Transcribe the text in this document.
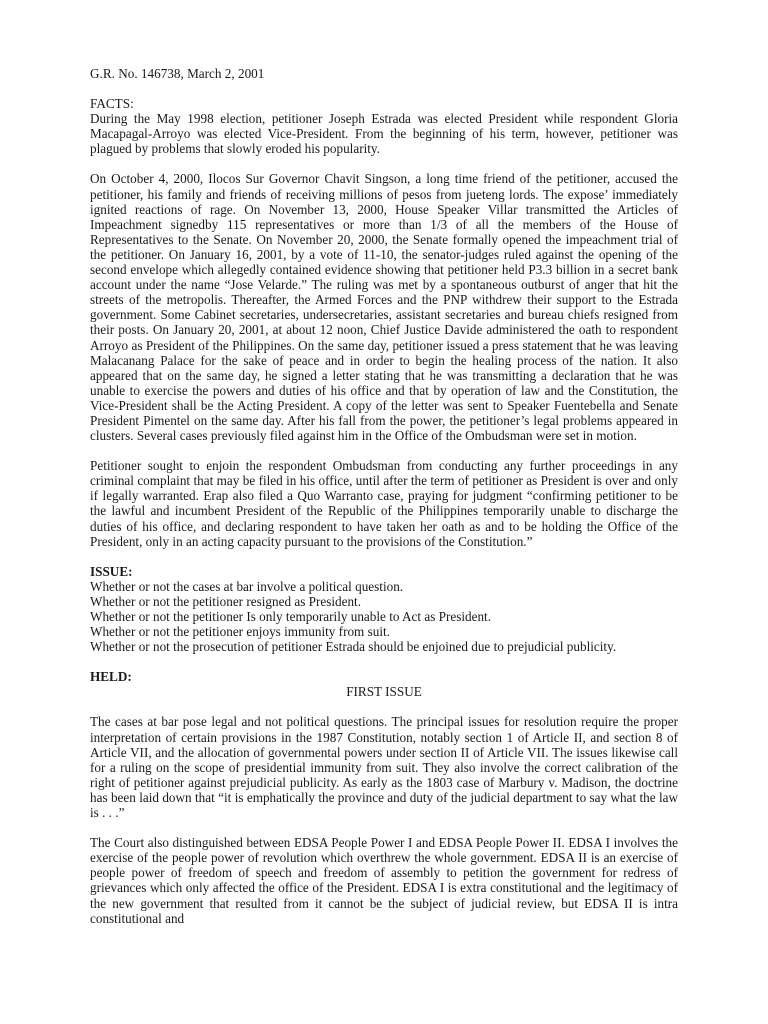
G.R. No. 146738, March 2, 2001

FACTS:

During the May 1998 election, petitioner Joseph Estrada was elected President while respondent Gloria Macapagal-Arroyo was elected Vice-President. From the beginning of his term, however, petitioner was plagued by problems that slowly eroded his popularity.

On October 4, 2000, Ilocos Sur Governor Chavit Singson, a long time friend of the petitioner, accused the petitioner, his family and friends of receiving millions of pesos from jueteng lords. The expose’ immediately ignited reactions of rage. On November 13, 2000, House Speaker Villar transmitted the Articles of Impeachment signedby 115 representatives or more than 1/3 of all the members of the House of Representatives to the Senate. On November 20, 2000, the Senate formally opened the impeachment trial of the petitioner. On January 16, 2001, by a vote of 11-10, the senator-judges ruled against the opening of the second envelope which allegedly contained evidence showing that petitioner held P3.3 billion in a secret bank account under the name “Jose Velarde.” The ruling was met by a spontaneous outburst of anger that hit the streets of the metropolis. Thereafter, the Armed Forces and the PNP withdrew their support to the Estrada government. Some Cabinet secretaries, undersecretaries, assistant secretaries and bureau chiefs resigned from their posts. On January 20, 2001, at about 12 noon, Chief Justice Davide administered the oath to respondent Arroyo as President of the Philippines. On the same day, petitioner issued a press statement that he was leaving Malacanang Palace for the sake of peace and in order to begin the healing process of the nation. It also appeared that on the same day, he signed a letter stating that he was transmitting a declaration that he was unable to exercise the powers and duties of his office and that by operation of law and the Constitution, the Vice-President shall be the Acting President. A copy of the letter was sent to Speaker Fuentebella and Senate President Pimentel on the same day. After his fall from the power, the petitioner’s legal problems appeared in clusters. Several cases previously filed against him in the Office of the Ombudsman were set in motion.

Petitioner sought to enjoin the respondent Ombudsman from conducting any further proceedings in any criminal complaint that may be filed in his office, until after the term of petitioner as President is over and only if legally warranted. Erap also filed a Quo Warranto case, praying for judgment “confirming petitioner to be the lawful and incumbent President of the Republic of the Philippines temporarily unable to discharge the duties of his office, and declaring respondent to have taken her oath as and to be holding the Office of the President, only in an acting capacity pursuant to the provisions of the Constitution.”

ISSUE:

Whether or not the cases at bar involve a political question.

Whether or not the petitioner resigned as President.

Whether or not the petitioner Is only temporarily unable to Act as President.

Whether or not the petitioner enjoys immunity from suit.

Whether or not the prosecution of petitioner Estrada should be enjoined due to prejudicial publicity.

HELD:

FIRST ISSUE

The cases at bar pose legal and not political questions. The principal issues for resolution require the proper interpretation of certain provisions in the 1987 Constitution, notably section 1 of Article II, and section 8 of Article VII, and the allocation of governmental powers under section II of Article VII. The issues likewise call for a ruling on the scope of presidential immunity from suit. They also involve the correct calibration of the right of petitioner against prejudicial publicity. As early as the 1803 case of Marbury v. Madison, the doctrine has been laid down that “it is emphatically the province and duty of the judicial department to say what the law is . . .”

The Court also distinguished between EDSA People Power I and EDSA People Power II. EDSA I involves the exercise of the people power of revolution which overthrew the whole government. EDSA II is an exercise of people power of freedom of speech and freedom of assembly to petition the government for redress of grievances which only affected the office of the President. EDSA I is extra constitutional and the legitimacy of the new government that resulted from it cannot be the subject of judicial review, but EDSA II is intra constitutional and
